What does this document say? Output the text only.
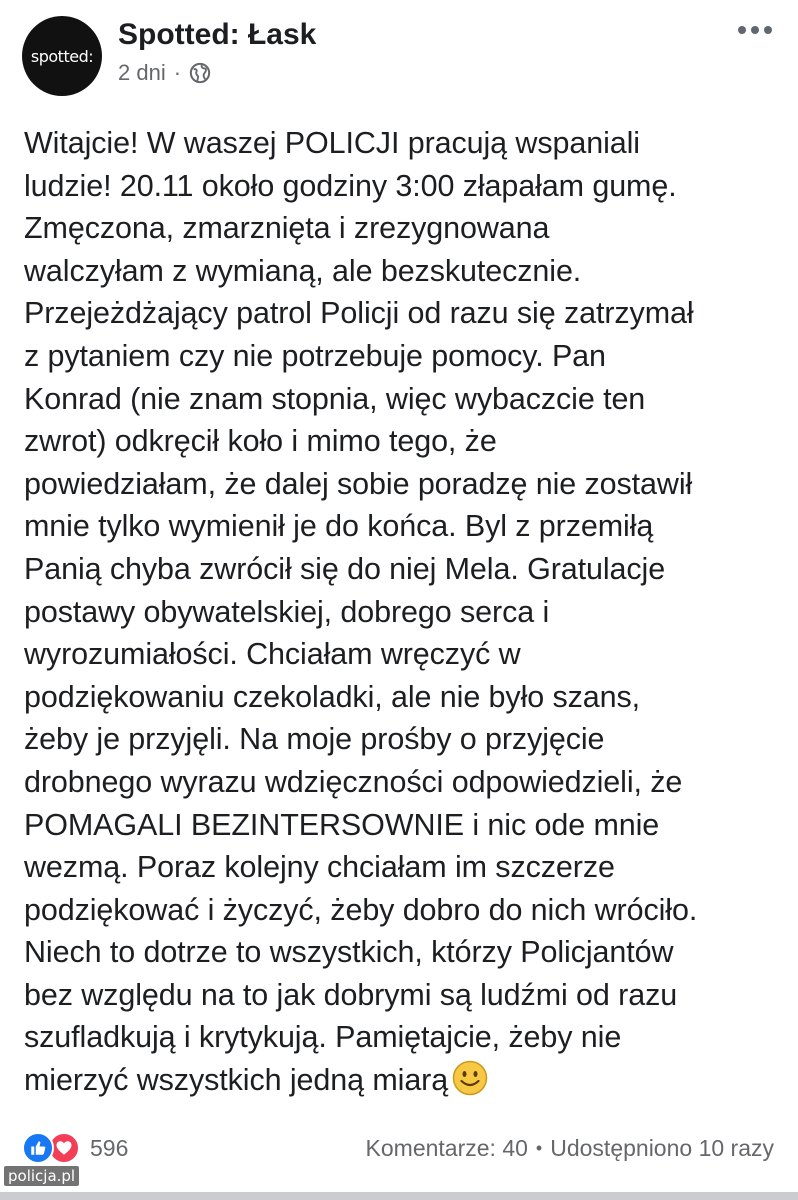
spotted:
Spotted: Łask
2 dni ·
Witajcie! W waszej POLICJI pracują wspaniali
ludzie! 20.11 około godziny 3:00 złapałam gumę.
Zmęczona, zmarznięta i zrezygnowana
walczyłam z wymianą, ale bezskutecznie.
Przejeżdżający patrol Policji od razu się zatrzymał
z pytaniem czy nie potrzebuje pomocy. Pan
Konrad (nie znam stopnia, więc wybaczcie ten
zwrot) odkręcił koło i mimo tego, że
powiedziałam, że dalej sobie poradzę nie zostawił
mnie tylko wymienił je do końca. Byl z przemiłą
Panią chyba zwrócił się do niej Mela. Gratulacje
postawy obywatelskiej, dobrego serca i
wyrozumiałości. Chciałam wręczyć w
podziękowaniu czekoladki, ale nie było szans,
żeby je przyjęli. Na moje prośby o przyjęcie
drobnego wyrazu wdzięczności odpowiedzieli, że
POMAGALI BEZINTERSOWNIE i nic ode mnie
wezmą. Poraz kolejny chciałam im szczerze
podziękować i życzyć, żeby dobro do nich wróciło.
Niech to dotrze to wszystkich, którzy Policjantów
bez względu na to jak dobrymi są ludźmi od razu
szufladkują i krytykują. Pamiętajcie, żeby nie
mierzyć wszystkich jedną miarą
596	Komentarze: 40 • Udostępniono 10 razy
policja.pl
